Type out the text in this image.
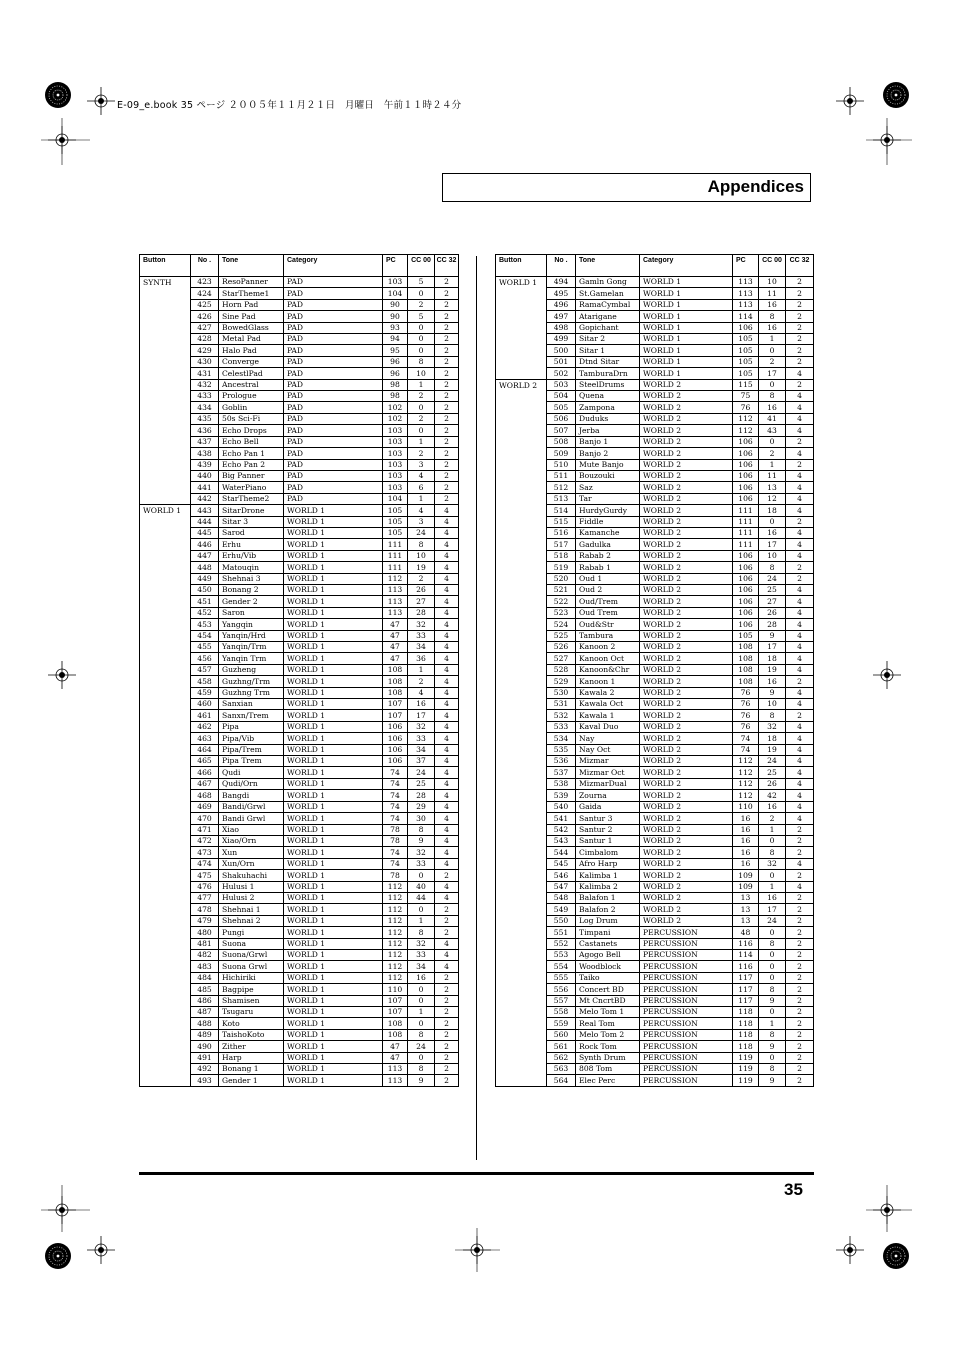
E-09_e.book 35 ページ ２００５年１１月２１日　月曜日　午前１１時２４分
Appendices
Button	No .	Tone	Category	PC	CC 00	CC 32
SYNTH	423	ResoPanner	PAD	103	5	2
	424	StarTheme1	PAD	104	0	2
	425	Horn Pad	PAD	90	2	2
	426	Sine Pad	PAD	90	5	2
	427	BowedGlass	PAD	93	0	2
	428	Metal Pad	PAD	94	0	2
	429	Halo Pad	PAD	95	0	2
	430	Converge	PAD	96	8	2
	431	CelestlPad	PAD	96	10	2
	432	Ancestral	PAD	98	1	2
	433	Prologue	PAD	98	2	2
	434	Goblin	PAD	102	0	2
	435	50s Sci-Fi	PAD	102	2	2
	436	Echo Drops	PAD	103	0	2
	437	Echo Bell	PAD	103	1	2
	438	Echo Pan 1	PAD	103	2	2
	439	Echo Pan 2	PAD	103	3	2
	440	Big Panner	PAD	103	4	2
	441	WaterPiano	PAD	103	6	2
	442	StarTheme2	PAD	104	1	2
WORLD 1	443	SitarDrone	WORLD 1	105	4	4
	444	Sitar 3	WORLD 1	105	3	4
	445	Sarod	WORLD 1	105	24	4
	446	Erhu	WORLD 1	111	8	4
	447	Erhu/Vib	WORLD 1	111	10	4
	448	Matouqin	WORLD 1	111	19	4
	449	Shehnai 3	WORLD 1	112	2	4
	450	Bonang 2	WORLD 1	113	26	4
	451	Gender 2	WORLD 1	113	27	4
	452	Saron	WORLD 1	113	28	4
	453	Yangqin	WORLD 1	47	32	4
	454	Yanqin/Hrd	WORLD 1	47	33	4
	455	Yanqin/Trm	WORLD 1	47	34	4
	456	Yanqin Trm	WORLD 1	47	36	4
	457	Guzheng	WORLD 1	108	1	4
	458	Guzhng/Trm	WORLD 1	108	2	4
	459	Guzhng Trm	WORLD 1	108	4	4
	460	Sanxian	WORLD 1	107	16	4
	461	Sanxn/Trem	WORLD 1	107	17	4
	462	Pipa	WORLD 1	106	32	4
	463	Pipa/Vib	WORLD 1	106	33	4
	464	Pipa/Trem	WORLD 1	106	34	4
	465	Pipa Trem	WORLD 1	106	37	4
	466	Qudi	WORLD 1	74	24	4
	467	Qudi/Orn	WORLD 1	74	25	4
	468	Bangdi	WORLD 1	74	28	4
	469	Bandi/Grwl	WORLD 1	74	29	4
	470	Bandi Grwl	WORLD 1	74	30	4
	471	Xiao	WORLD 1	78	8	4
	472	Xiao/Orn	WORLD 1	78	9	4
	473	Xun	WORLD 1	74	32	4
	474	Xun/Orn	WORLD 1	74	33	4
	475	Shakuhachi	WORLD 1	78	0	2
	476	Hulusi 1	WORLD 1	112	40	4
	477	Hulusi 2	WORLD 1	112	44	4
	478	Shehnai 1	WORLD 1	112	0	2
	479	Shehnai 2	WORLD 1	112	1	2
	480	Pungi	WORLD 1	112	8	2
	481	Suona	WORLD 1	112	32	4
	482	Suona/Grwl	WORLD 1	112	33	4
	483	Suona Grwl	WORLD 1	112	34	4
	484	Hichiriki	WORLD 1	112	16	2
	485	Bagpipe	WORLD 1	110	0	2
	486	Shamisen	WORLD 1	107	0	2
	487	Tsugaru	WORLD 1	107	1	2
	488	Koto	WORLD 1	108	0	2
	489	TaishoKoto	WORLD 1	108	8	2
	490	Zither	WORLD 1	47	24	2
	491	Harp	WORLD 1	47	0	2
	492	Bonang 1	WORLD 1	113	8	2
	493	Gender 1	WORLD 1	113	9	2
Button	No .	Tone	Category	PC	CC 00	CC 32
WORLD 1	494	Gamln Gong	WORLD 1	113	10	2
	495	St.Gamelan	WORLD 1	113	11	2
	496	RamaCymbal	WORLD 1	113	16	2
	497	Atarigane	WORLD 1	114	8	2
	498	Gopichant	WORLD 1	106	16	2
	499	Sitar 2	WORLD 1	105	1	2
	500	Sitar 1	WORLD 1	105	0	2
	501	Dtnd Sitar	WORLD 1	105	2	2
	502	TamburaDrn	WORLD 1	105	17	4
WORLD 2	503	SteelDrums	WORLD 2	115	0	2
	504	Quena	WORLD 2	75	8	4
	505	Zampona	WORLD 2	76	16	4
	506	Duduks	WORLD 2	112	41	4
	507	Jerba	WORLD 2	112	43	4
	508	Banjo 1	WORLD 2	106	0	2
	509	Banjo 2	WORLD 2	106	2	4
	510	Mute Banjo	WORLD 2	106	1	2
	511	Bouzouki	WORLD 2	106	11	4
	512	Saz	WORLD 2	106	13	4
	513	Tar	WORLD 2	106	12	4
	514	HurdyGurdy	WORLD 2	111	18	4
	515	Fiddle	WORLD 2	111	0	2
	516	Kamanche	WORLD 2	111	16	4
	517	Gadulka	WORLD 2	111	17	4
	518	Rabab 2	WORLD 2	106	10	4
	519	Rabab 1	WORLD 2	106	8	2
	520	Oud 1	WORLD 2	106	24	2
	521	Oud 2	WORLD 2	106	25	4
	522	Oud/Trem	WORLD 2	106	27	4
	523	Oud Trem	WORLD 2	106	26	4
	524	Oud&Str	WORLD 2	106	28	4
	525	Tambura	WORLD 2	105	9	4
	526	Kanoon 2	WORLD 2	108	17	4
	527	Kanoon Oct	WORLD 2	108	18	4
	528	Kanoon&Chr	WORLD 2	108	19	4
	529	Kanoon 1	WORLD 2	108	16	2
	530	Kawala 2	WORLD 2	76	9	4
	531	Kawala Oct	WORLD 2	76	10	4
	532	Kawala 1	WORLD 2	76	8	2
	533	Kaval Duo	WORLD 2	76	32	4
	534	Nay	WORLD 2	74	18	4
	535	Nay Oct	WORLD 2	74	19	4
	536	Mizmar	WORLD 2	112	24	4
	537	Mizmar Oct	WORLD 2	112	25	4
	538	MizmarDual	WORLD 2	112	26	4
	539	Zourna	WORLD 2	112	42	4
	540	Gaida	WORLD 2	110	16	4
	541	Santur 3	WORLD 2	16	2	4
	542	Santur 2	WORLD 2	16	1	2
	543	Santur 1	WORLD 2	16	0	2
	544	Cimbalom	WORLD 2	16	8	2
	545	Afro Harp	WORLD 2	16	32	4
	546	Kalimba 1	WORLD 2	109	0	2
	547	Kalimba 2	WORLD 2	109	1	4
	548	Balafon 1	WORLD 2	13	16	2
	549	Balafon 2	WORLD 2	13	17	2
	550	Log Drum	WORLD 2	13	24	2
	551	Timpani	PERCUSSION	48	0	2
	552	Castanets	PERCUSSION	116	8	2
	553	Agogo Bell	PERCUSSION	114	0	2
	554	Woodblock	PERCUSSION	116	0	2
	555	Taiko	PERCUSSION	117	0	2
	556	Concert BD	PERCUSSION	117	8	2
	557	Mt CncrtBD	PERCUSSION	117	9	2
	558	Melo Tom 1	PERCUSSION	118	0	2
	559	Real Tom	PERCUSSION	118	1	2
	560	Melo Tom 2	PERCUSSION	118	8	2
	561	Rock Tom	PERCUSSION	118	9	2
	562	Synth Drum	PERCUSSION	119	0	2
	563	808 Tom	PERCUSSION	119	8	2
	564	Elec Perc	PERCUSSION	119	9	2
35
